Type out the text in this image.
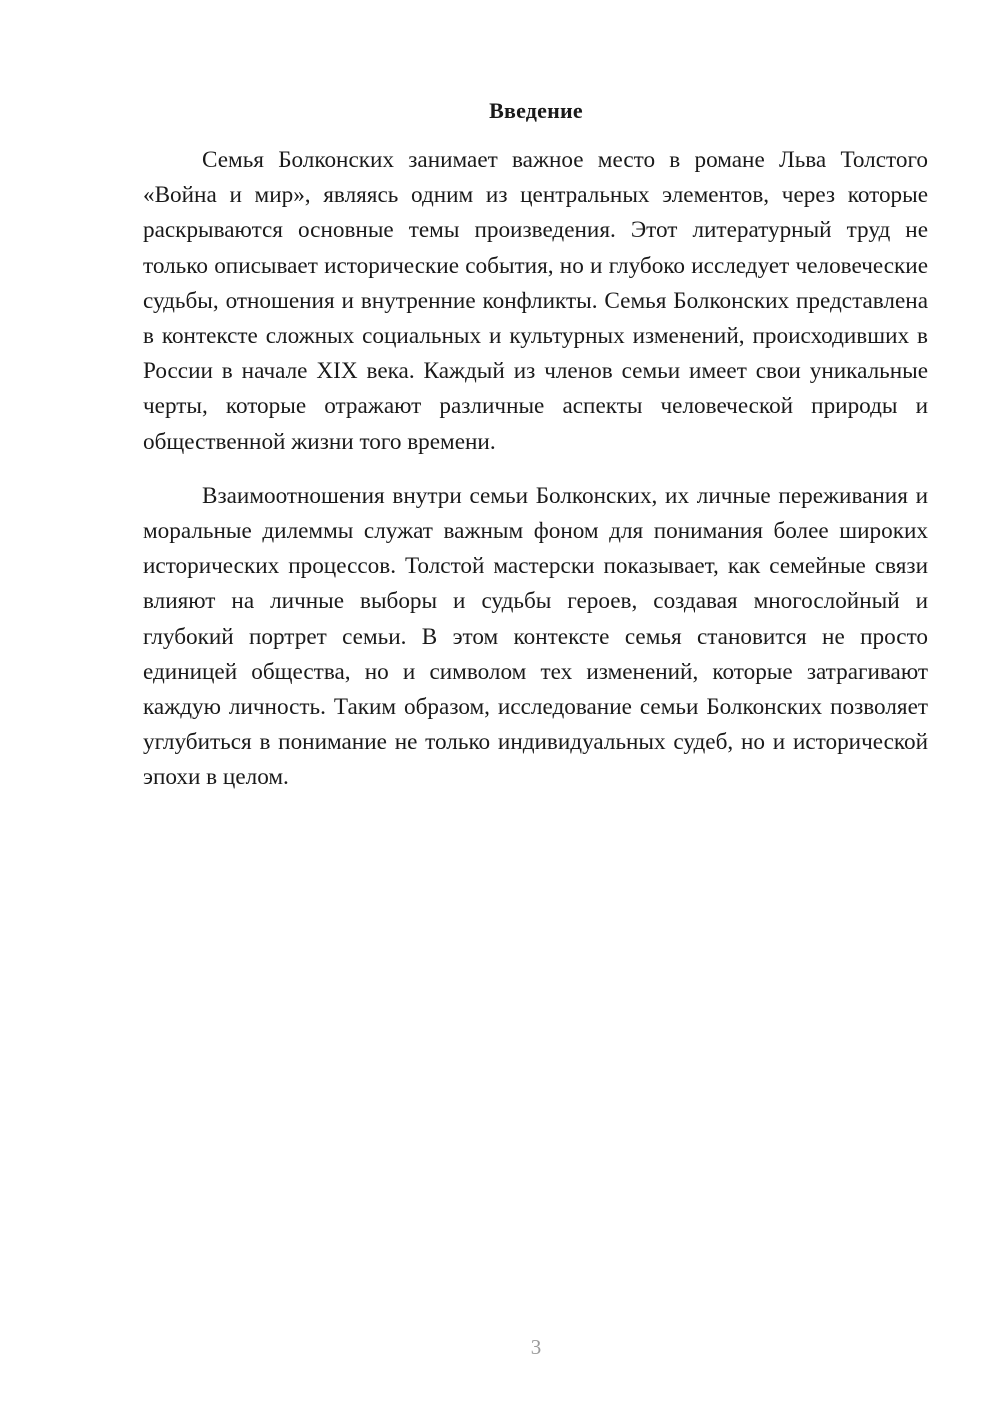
Введение

Семья Болконских занимает важное место в романе Льва Толстого «Война и мир», являясь одним из центральных элементов, через которые раскрываются основные темы произведения. Этот литературный труд не только описывает исторические события, но и глубоко исследует человеческие судьбы, отношения и внутренние конфликты. Семья Болконских представлена в контексте сложных социальных и культурных изменений, происходивших в России в начале XIX века. Каждый из членов семьи имеет свои уникальные черты, которые отражают различные аспекты человеческой природы и общественной жизни того времени.

Взаимоотношения внутри семьи Болконских, их личные переживания и моральные дилеммы служат важным фоном для понимания более широких исторических процессов. Толстой мастерски показывает, как семейные связи влияют на личные выборы и судьбы героев, создавая многослойный и глубокий портрет семьи. В этом контексте семья становится не просто единицей общества, но и символом тех изменений, которые затрагивают каждую личность. Таким образом, исследование семьи Болконских позволяет углубиться в понимание не только индивидуальных судеб, но и исторической эпохи в целом.

3
